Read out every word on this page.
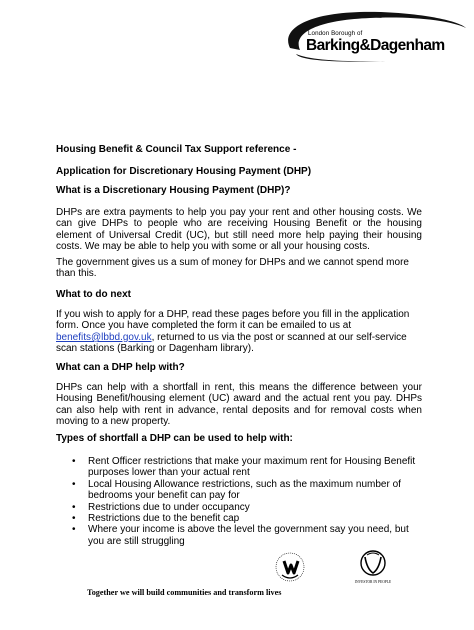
London Borough of
Barking&Dagenham
Housing Benefit & Council Tax Support reference -
Application for Discretionary Housing Payment (DHP)
What is a Discretionary Housing Payment (DHP)?
DHPs are extra payments to help you pay your rent and other housing costs. We can give DHPs to people who are receiving Housing Benefit or the housing element of Universal Credit (UC), but still need more help paying their housing costs. We may be able to help you with some or all your housing costs.
The government gives us a sum of money for DHPs and we cannot spend more than this.
What to do next
If you wish to apply for a DHP, read these pages before you fill in the application form. Once you have completed the form it can be emailed to us at benefits@lbbd.gov.uk, returned to us via the post or scanned at our self-service scan stations (Barking or Dagenham library).
What can a DHP help with?
DHPs can help with a shortfall in rent, this means the difference between your Housing Benefit/housing element (UC) award and the actual rent you pay. DHPs can also help with rent in advance, rental deposits and for removal costs when moving to a new property.
Types of shortfall a DHP can be used to help with:
• Rent Officer restrictions that make your maximum rent for Housing Benefit purposes lower than your actual rent
• Local Housing Allowance restrictions, such as the maximum number of bedrooms your benefit can pay for
• Restrictions due to under occupancy
• Restrictions due to the benefit cap
• Where your income is above the level the government say you need, but you are still struggling
INVESTOR IN PEOPLE
Together we will build communities and transform lives
